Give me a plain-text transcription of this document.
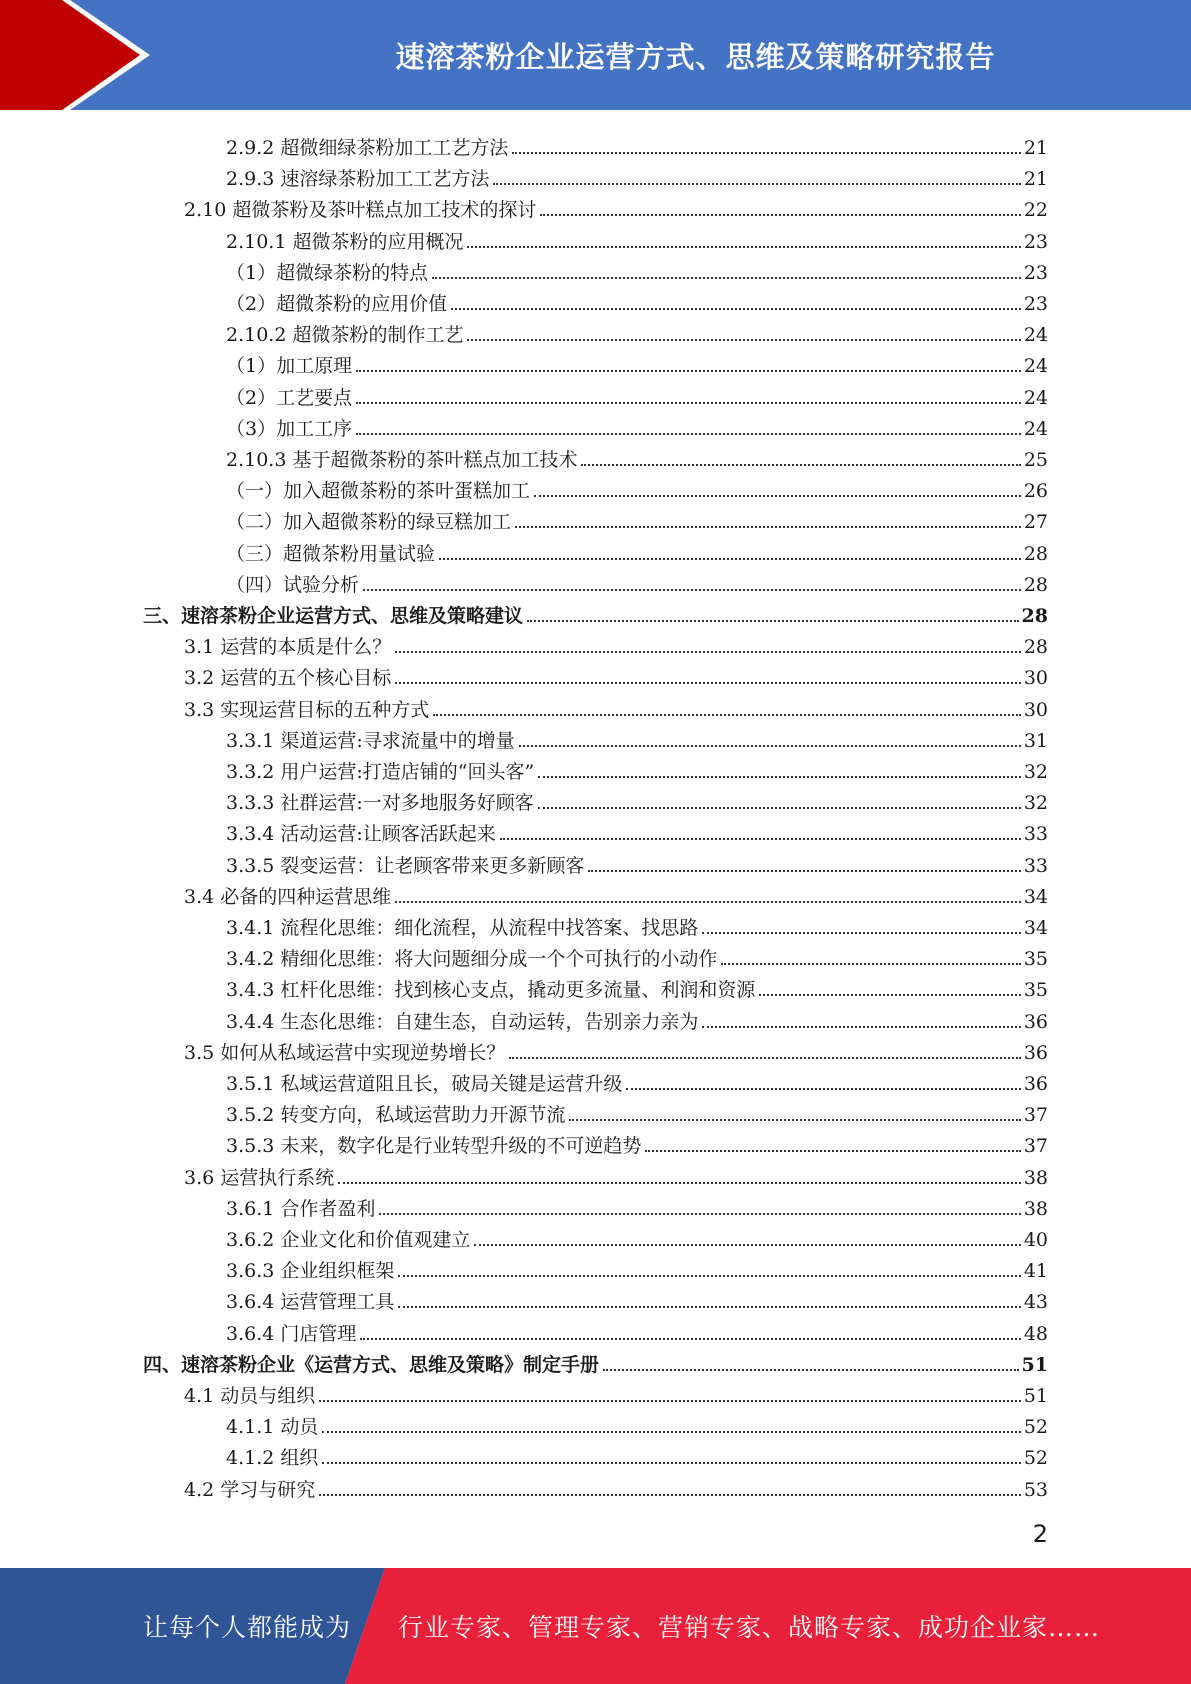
速溶茶粉企业运营方式、思维及策略研究报告
2.9.2 超微细绿茶粉加工工艺方法	21
2.9.3 速溶绿茶粉加工工艺方法	21
2.10 超微茶粉及茶叶糕点加工技术的探讨	22
2.10.1 超微茶粉的应用概况	23
（1）超微绿茶粉的特点	23
（2）超微茶粉的应用价值	23
2.10.2 超微茶粉的制作工艺	24
（1）加工原理	24
（2）工艺要点	24
（3）加工工序	24
2.10.3 基于超微茶粉的茶叶糕点加工技术	25
（一）加入超微茶粉的茶叶蛋糕加工	26
（二）加入超微茶粉的绿豆糕加工	27
（三）超微茶粉用量试验	28
（四）试验分析	28
三、速溶茶粉企业运营方式、思维及策略建议	28
3.1 运营的本质是什么？	28
3.2 运营的五个核心目标	30
3.3 实现运营目标的五种方式	30
3.3.1 渠道运营:寻求流量中的增量	31
3.3.2 用户运营:打造店铺的“回头客”	32
3.3.3 社群运营:一对多地服务好顾客	32
3.3.4 活动运营:让顾客活跃起来	33
3.3.5 裂变运营：让老顾客带来更多新顾客	33
3.4 必备的四种运营思维	34
3.4.1 流程化思维：细化流程，从流程中找答案、找思路	34
3.4.2 精细化思维：将大问题细分成一个个可执行的小动作	35
3.4.3 杠杆化思维：找到核心支点，撬动更多流量、利润和资源	35
3.4.4 生态化思维：自建生态，自动运转，告别亲力亲为	36
3.5 如何从私域运营中实现逆势增长？	36
3.5.1 私域运营道阻且长，破局关键是运营升级	36
3.5.2 转变方向，私域运营助力开源节流	37
3.5.3 未来，数字化是行业转型升级的不可逆趋势	37
3.6 运营执行系统	38
3.6.1 合作者盈利	38
3.6.2 企业文化和价值观建立	40
3.6.3 企业组织框架	41
3.6.4 运营管理工具	43
3.6.4 门店管理	48
四、速溶茶粉企业《运营方式、思维及策略》制定手册	51
4.1 动员与组织	51
4.1.1 动员	52
4.1.2 组织	52
4.2 学习与研究	53
2
让每个人都能成为 行业专家、管理专家、营销专家、战略专家、成功企业家……
